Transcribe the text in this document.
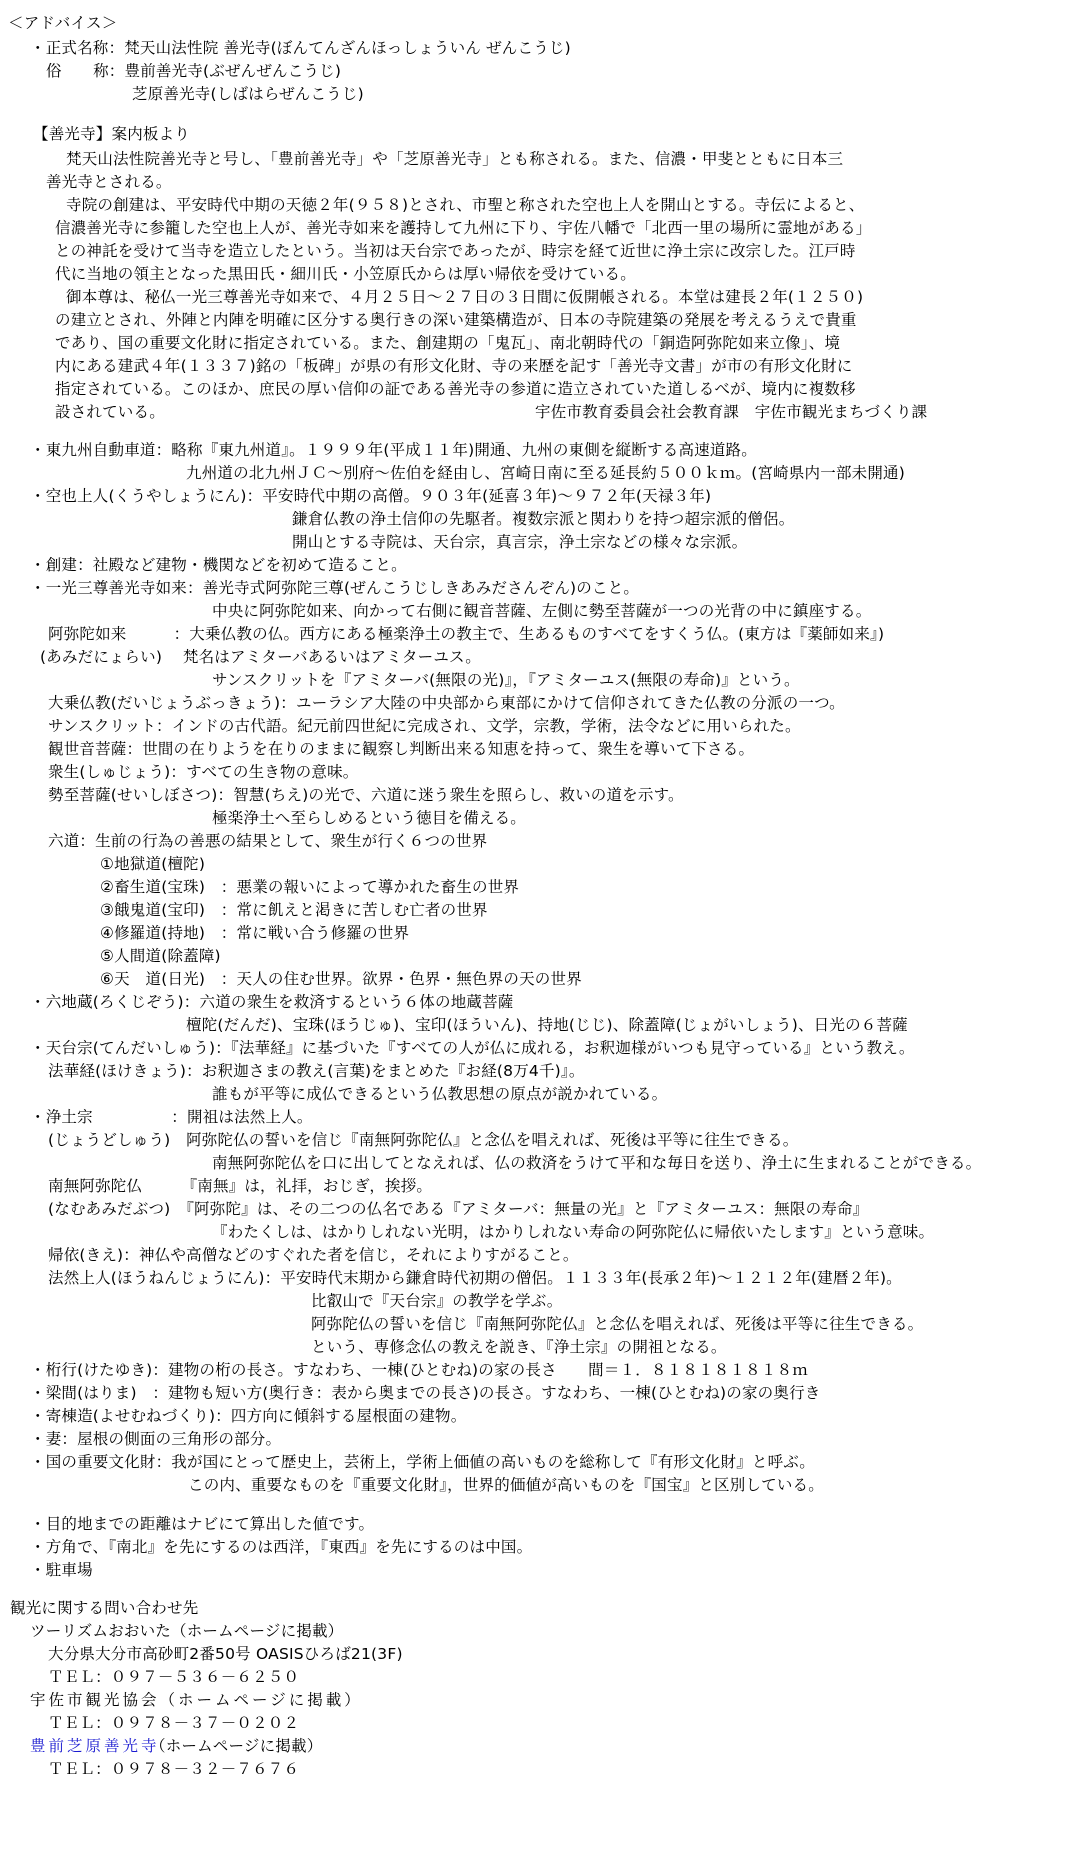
＜アドバイス＞
・正式名称：梵天山法性院 善光寺(ぼんてんざんほっしょういん ぜんこうじ)
俗　　称：豊前善光寺(ぶぜんぜんこうじ)
芝原善光寺(しばはらぜんこうじ)
【善光寺】案内板より
梵天山法性院善光寺と号し、「豊前善光寺」や「芝原善光寺」とも称される。また、信濃・甲斐とともに日本三
善光寺とされる。
寺院の創建は、平安時代中期の天徳２年(９５８)とされ、市聖と称された空也上人を開山とする。寺伝によると、
信濃善光寺に参籠した空也上人が、善光寺如来を護持して九州に下り、宇佐八幡で「北西一里の場所に霊地がある」
との神託を受けて当寺を造立したという。当初は天台宗であったが、時宗を経て近世に浄土宗に改宗した。江戸時
代に当地の領主となった黒田氏・細川氏・小笠原氏からは厚い帰依を受けている。
御本尊は、秘仏一光三尊善光寺如来で、４月２５日～２７日の３日間に仮開帳される。本堂は建長２年(１２５０)
の建立とされ、外陣と内陣を明確に区分する奥行きの深い建築構造が、日本の寺院建築の発展を考えるうえで貴重
であり、国の重要文化財に指定されている。また、創建期の「鬼瓦」、南北朝時代の「銅造阿弥陀如来立像」、境
内にある建武４年(１３３７)銘の「板碑」が県の有形文化財、寺の来歴を記す「善光寺文書」が市の有形文化財に
指定されている。このほか、庶民の厚い信仰の証である善光寺の参道に造立されていた道しるべが、境内に複数移
設されている。	宇佐市教育委員会社会教育課　宇佐市観光まちづくり課
・東九州自動車道：略称『東九州道』。１９９９年(平成１１年)開通、九州の東側を縦断する高速道路。
九州道の北九州ＪＣ～別府～佐伯を経由し、宮崎日南に至る延長約５００ｋｍ。(宮崎県内一部未開通)
・空也上人(くうやしょうにん)：平安時代中期の高僧。９０３年(延喜３年)～９７２年(天禄３年)
鎌倉仏教の浄土信仰の先駆者。複数宗派と関わりを持つ超宗派的僧侶。
開山とする寺院は、天台宗，真言宗，浄土宗などの様々な宗派。
・創建：社殿など建物・機関などを初めて造ること。
・一光三尊善光寺如来：善光寺式阿弥陀三尊(ぜんこうじしきあみださんぞん)のこと。
中央に阿弥陀如来、向かって右側に観音菩薩、左側に勢至菩薩が一つの光背の中に鎮座する。
阿弥陀如来　　　：大乗仏教の仏。西方にある極楽浄土の教主で、生あるものすべてをすくう仏。(東方は『薬師如来』)
(あみだにょらい)　 梵名はアミターバあるいはアミターユス。
サンスクリットを『アミターバ(無限の光)』，『アミターユス(無限の寿命)』という。
大乗仏教(だいじょうぶっきょう)：ユーラシア大陸の中央部から東部にかけて信仰されてきた仏教の分派の一つ。
サンスクリット：インドの古代語。紀元前四世紀に完成され、文学，宗教，学術，法令などに用いられた。
観世音菩薩：世間の在りようを在りのままに観察し判断出来る知恵を持って、衆生を導いて下さる。
衆生(しゅじょう)：すべての生き物の意味。
勢至菩薩(せいしぼさつ)：智慧(ちえ)の光で、六道に迷う衆生を照らし、救いの道を示す。
極楽浄土へ至らしめるという徳目を備える。
六道：生前の行為の善悪の結果として、衆生が行く６つの世界
①地獄道(檀陀)
②畜生道(宝珠)　：悪業の報いによって導かれた畜生の世界
③餓鬼道(宝印)　：常に飢えと渇きに苦しむ亡者の世界
④修羅道(持地)　：常に戦い合う修羅の世界
⑤人間道(除蓋障)
⑥天　道(日光)　：天人の住む世界。欲界・色界・無色界の天の世界
・六地蔵(ろくじぞう)：六道の衆生を救済するという６体の地蔵菩薩
檀陀(だんだ)、宝珠(ほうじゅ)、宝印(ほういん)、持地(じじ)、除蓋障(じょがいしょう)、日光の６菩薩
・天台宗(てんだいしゅう)：『法華経』に基づいた『すべての人が仏に成れる，お釈迦様がいつも見守っている』という教え。
法華経(ほけきょう)：お釈迦さまの教え(言葉)をまとめた『お経(8万4千)』。
誰もが平等に成仏できるという仏教思想の原点が説かれている。
・浄土宗　　　　　：開祖は法然上人。
(じょうどしゅう)　阿弥陀仏の誓いを信じ『南無阿弥陀仏』と念仏を唱えれば、死後は平等に往生できる。
南無阿弥陀仏を口に出してとなえれば、仏の救済をうけて平和な毎日を送り、浄土に生まれることができる。
南無阿弥陀仏　　　『南無』は，礼拝，おじぎ，挨拶。
(なむあみだぶつ)　『阿弥陀』は、その二つの仏名である『アミターバ：無量の光』と『アミターユス：無限の寿命』
『わたくしは、はかりしれない光明，はかりしれない寿命の阿弥陀仏に帰依いたします』という意味。
帰依(きえ)：神仏や高僧などのすぐれた者を信じ，それによりすがること。
法然上人(ほうねんじょうにん)：平安時代末期から鎌倉時代初期の僧侶。１１３３年(長承２年)～１２１２年(建暦２年)。
比叡山で『天台宗』の教学を学ぶ。
阿弥陀仏の誓いを信じ『南無阿弥陀仏』と念仏を唱えれば、死後は平等に往生できる。
という、専修念仏の教えを説き、『浄土宗』の開祖となる。
・桁行(けたゆき)：建物の桁の長さ。すなわち、一棟(ひとむね)の家の長さ　　間＝１．８１８１８１８１８ｍ
・梁間(はりま)　：建物も短い方(奥行き：表から奥までの長さ)の長さ。すなわち、一棟(ひとむね)の家の奥行き
・寄棟造(よせむねづくり)：四方向に傾斜する屋根面の建物。
・妻：屋根の側面の三角形の部分。
・国の重要文化財：我が国にとって歴史上，芸術上，学術上価値の高いものを総称して『有形文化財』と呼ぶ。
この内、重要なものを『重要文化財』，世界的価値が高いものを『国宝』と区別している。
・目的地までの距離はナビにて算出した値です。
・方角で、『南北』を先にするのは西洋，『東西』を先にするのは中国。
・駐車場
観光に関する問い合わせ先
ツーリズムおおいた（ホームページに掲載）
大分県大分市高砂町2番50号 OASISひろば21(3F)
ＴＥＬ：０９７－５３６－６２５０
宇佐市観光協会（ホームページに掲載）
ＴＥＬ：０９７８－３７－０２０２
豊前芝原善光寺
（ホームページに掲載）
ＴＥＬ：０９７８－３２－７６７６
